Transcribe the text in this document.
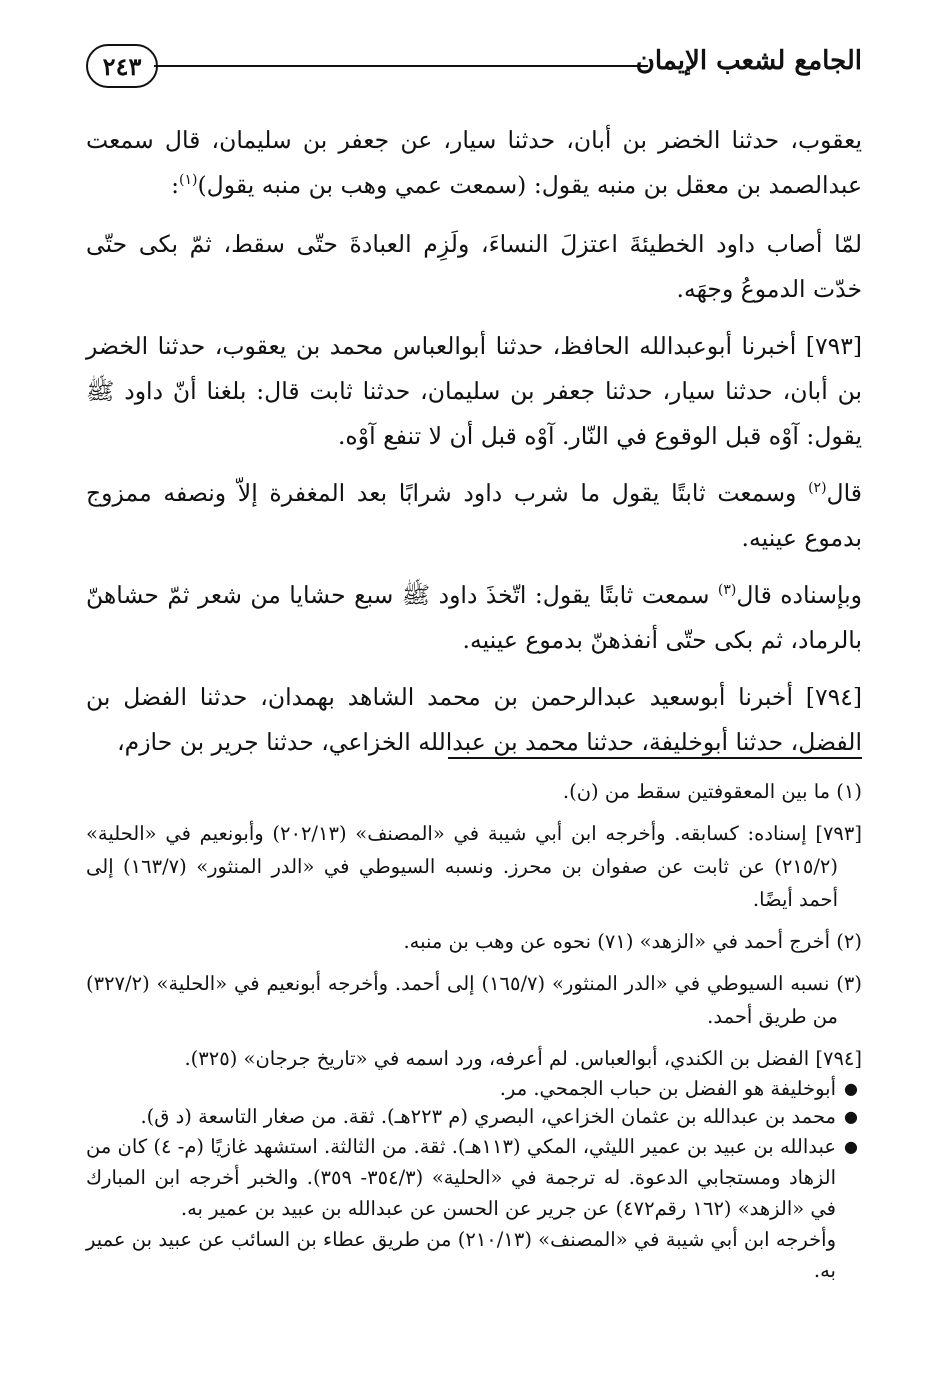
٢٤٣	الجامع لشعب الإيمان

يعقوب، حدثنا الخضر بن أبان، حدثنا سيار، عن جعفر بن سليمان، قال سمعت عبدالصمد بن معقل بن منبه يقول: (سمعت عمي وهب بن منبه يقول)$^{(١)}$:

لمّا أصاب داود الخطيئةَ اعتزلَ النساءَ، ولَزِم العبادةَ حتّى سقط، ثمّ بكى حتّى خدّت الدموعُ وجهَه.

[٧٩٣] أخبرنا أبوعبدالله الحافظ، حدثنا أبوالعباس محمد بن يعقوب، حدثنا الخضر بن أبان، حدثنا سيار، حدثنا جعفر بن سليمان، حدثنا ثابت قال: بلغنا أنّ داود ﷺ يقول: آوْه قبل الوقوع في النّار. آوْه قبل أن لا تنفع آوْه.

قال$^{(٢)}$ وسمعت ثابتًا يقول ما شرب داود شرابًا بعد المغفرة إلاّ ونصفه ممزوج بدموع عينيه.

وبإسناده قال$^{(٣)}$ سمعت ثابتًا يقول: اتّخذَ داود ﷺ سبع حشايا من شعر ثمّ حشاهنّ بالرماد، ثم بكى حتّى أنفذهنّ بدموع عينيه.

[٧٩٤] أخبرنا أبوسعيد عبدالرحمن بن محمد الشاهد بهمدان، حدثنا الفضل بن الفضل، حدثنا أبوخليفة، حدثنا محمد بن عبدالله الخزاعي، حدثنا جرير بن حازم،

(١) ما بين المعقوفتين سقط من (ن).

[٧٩٣] إسناده: كسابقه. وأخرجه ابن أبي شيبة في «المصنف» (٢٠٢/١٣) وأبونعيم في «الحلية» (٢١٥/٢) عن ثابت عن صفوان بن محرز. ونسبه السيوطي في «الدر المنثور» (١٦٣/٧) إلى أحمد أيضًا.

(٢) أخرج أحمد في «الزهد» (٧١) نحوه عن وهب بن منبه.

(٣) نسبه السيوطي في «الدر المنثور» (١٦٥/٧) إلى أحمد. وأخرجه أبونعيم في «الحلية» (٣٢٧/٢) من طريق أحمد.

[٧٩٤] الفضل بن الكندي، أبوالعباس. لم أعرفه، ورد اسمه في «تاريخ جرجان» (٣٢٥).

●
أبوخليفة هو الفضل بن حباب الجمحي. مر.
●
محمد بن عبدالله بن عثمان الخزاعي، البصري (م ٢٢٣هـ). ثقة. من صغار التاسعة (د ق).
●
عبدالله بن عبيد بن عمير الليثي، المكي (١١٣هـ). ثقة. من الثالثة. استشهد غازيًا (م- ٤) كان من الزهاد ومستجابي الدعوة. له ترجمة في «الحلية» (٣٥٤/٣- ٣٥٩). والخبر أخرجه ابن المبارك في «الزهد» (١٦٢ رقم٤٧٢) عن جرير عن الحسن عن عبدالله بن عبيد بن عمير به.

وأخرجه ابن أبي شيبة في «المصنف» (٢١٠/١٣) من طريق عطاء بن السائب عن عبيد بن عمير به.
